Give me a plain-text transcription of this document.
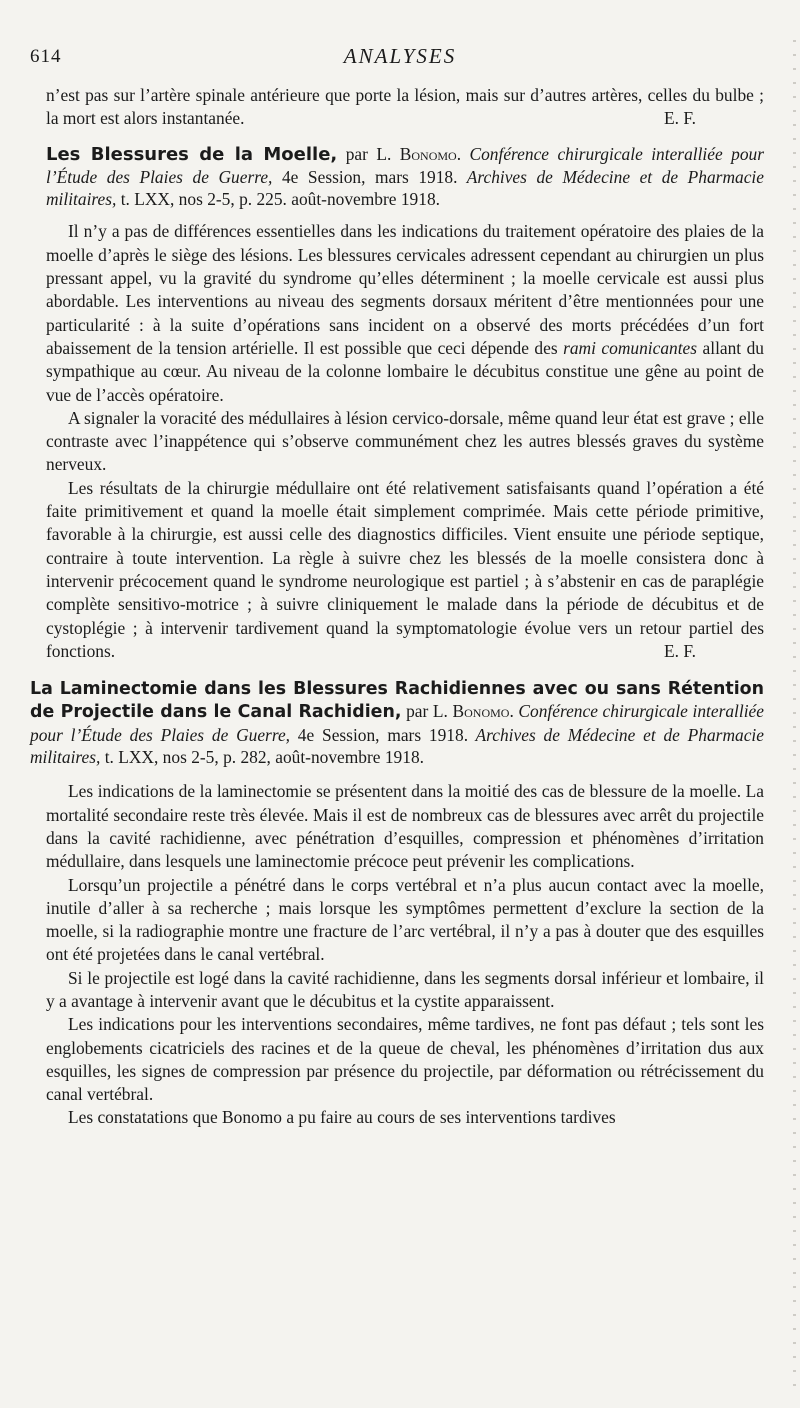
614	ANALYSES

n’est pas sur l’artère spinale antérieure que porte la lésion, mais sur d’autres artères, celles du bulbe ; la mort est alors instantanée.	E. F.

Les Blessures de la Moelle, par L. Bonomo. Conférence chirurgicale interalliée pour l’Étude des Plaies de Guerre, 4e Session, mars 1918. Archives de Médecine et de Pharmacie militaires, t. LXX, nos 2-5, p. 225. août-novembre 1918.

Il n’y a pas de différences essentielles dans les indications du traitement opératoire des plaies de la moelle d’après le siège des lésions. Les blessures cervicales adressent cependant au chirurgien un plus pressant appel, vu la gravité du syndrome qu’elles déterminent ; la moelle cervicale est aussi plus abordable. Les interventions au niveau des segments dorsaux méritent d’être mentionnées pour une particularité : à la suite d’opérations sans incident on a observé des morts précédées d’un fort abaissement de la tension artérielle. Il est possible que ceci dépende des rami comunicantes allant du sympathique au cœur. Au niveau de la colonne lombaire le décubitus constitue une gêne au point de vue de l’accès opératoire.

A signaler la voracité des médullaires à lésion cervico-dorsale, même quand leur état est grave ; elle contraste avec l’inappétence qui s’observe communément chez les autres blessés graves du système nerveux.

Les résultats de la chirurgie médullaire ont été relativement satisfaisants quand l’opération a été faite primitivement et quand la moelle était simplement comprimée. Mais cette période primitive, favorable à la chirurgie, est aussi celle des diagnostics difficiles. Vient ensuite une période septique, contraire à toute intervention. La règle à suivre chez les blessés de la moelle consistera donc à intervenir précocement quand le syndrome neurologique est partiel ; à s’abstenir en cas de paraplégie complète sensitivo-motrice ; à suivre cliniquement le malade dans la période de décubitus et de cystoplégie ; à intervenir tardivement quand la symptomatologie évolue vers un retour partiel des fonctions.	E. F.

La Laminectomie dans les Blessures Rachidiennes avec ou sans Rétention de Projectile dans le Canal Rachidien, par L. Bonomo. Conférence chirurgicale interalliée pour l’Étude des Plaies de Guerre, 4e Session, mars 1918. Archives de Médecine et de Pharmacie militaires, t. LXX, nos 2-5, p. 282, août-novembre 1918.

Les indications de la laminectomie se présentent dans la moitié des cas de blessure de la moelle. La mortalité secondaire reste très élevée. Mais il est de nombreux cas de blessures avec arrêt du projectile dans la cavité rachidienne, avec pénétration d’esquilles, compression et phénomènes d’irritation médullaire, dans lesquels une laminectomie précoce peut prévenir les complications.

Lorsqu’un projectile a pénétré dans le corps vertébral et n’a plus aucun contact avec la moelle, inutile d’aller à sa recherche ; mais lorsque les symptômes permettent d’exclure la section de la moelle, si la radiographie montre une fracture de l’arc vertébral, il n’y a pas à douter que des esquilles ont été projetées dans le canal vertébral.

Si le projectile est logé dans la cavité rachidienne, dans les segments dorsal inférieur et lombaire, il y a avantage à intervenir avant que le décubitus et la cystite apparaissent.

Les indications pour les interventions secondaires, même tardives, ne font pas défaut ; tels sont les englobements cicatriciels des racines et de la queue de cheval, les phénomènes d’irritation dus aux esquilles, les signes de compression par présence du projectile, par déformation ou rétrécissement du canal vertébral.

Les constatations que Bonomo a pu faire au cours de ses interventions tardives
